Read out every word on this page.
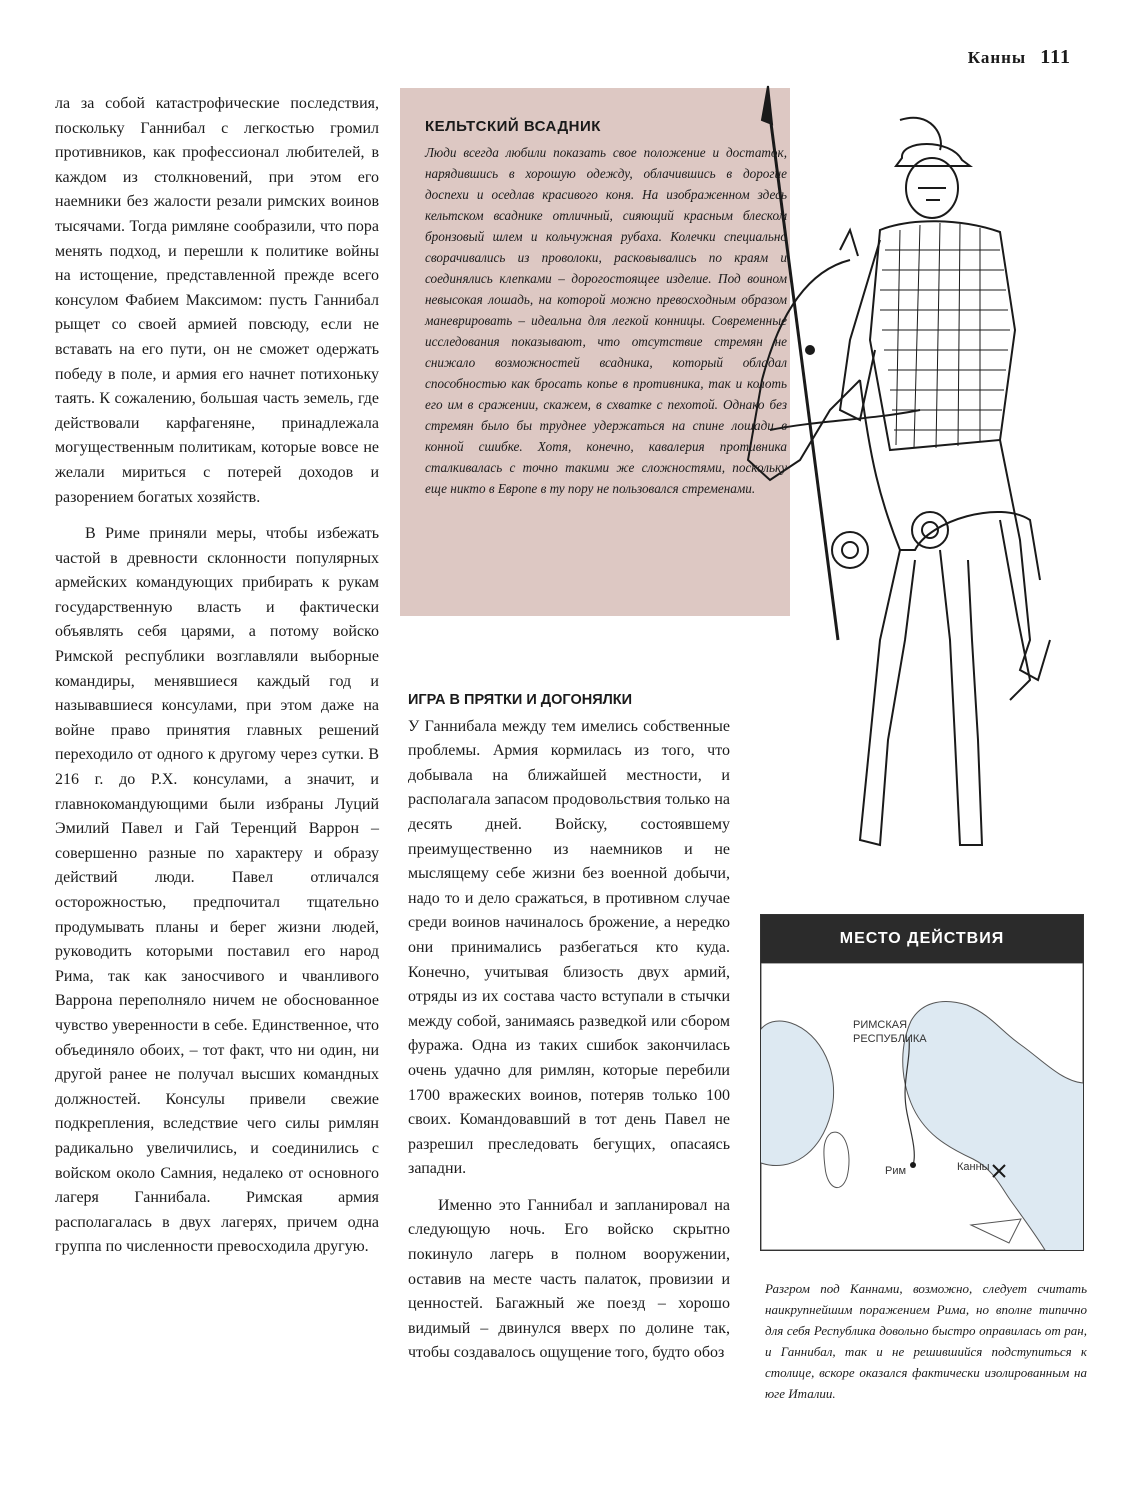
Канны 111

ла за собой катастрофические последствия, поскольку Ганнибал с легкостью громил противников, как профессионал любителей, в каждом из столкновений, при этом его наемники без жалости резали римских воинов тысячами. Тогда римляне сообразили, что пора менять подход, и перешли к политике войны на истощение, представленной прежде всего консулом Фабием Максимом: пусть Ганнибал рыщет со своей армией повсюду, если не вставать на его пути, он не сможет одержать победу в поле, и армия его начнет потихоньку таять. К сожалению, большая часть земель, где действовали карфагеняне, принадлежала могущественным политикам, которые вовсе не желали мириться с потерей доходов и разорением богатых хозяйств.

В Риме приняли меры, чтобы избежать частой в древности склонности популярных армейских командующих прибирать к рукам государственную власть и фактически объявлять себя царями, а потому войско Римской республики возглавляли выборные командиры, менявшиеся каждый год и называвшиеся консулами, при этом даже на войне право принятия главных решений переходило от одного к другому через сутки. В 216 г. до Р.Х. консулами, а значит, и главнокомандующими были избраны Луций Эмилий Павел и Гай Теренций Варрон – совершенно разные по характеру и образу действий люди. Павел отличался осторожностью, предпочитал тщательно продумывать планы и берег жизни людей, руководить которыми поставил его народ Рима, так как заносчивого и чванливого Варрона переполняло ничем не обоснованное чувство уверенности в себе. Единственное, что объединяло обоих, – тот факт, что ни один, ни другой ранее не получал высших командных должностей. Консулы привели свежие подкрепления, вследствие чего силы римлян радикально увеличились, и соединились с войском около Самния, недалеко от основного лагеря Ганнибала. Римская армия располагалась в двух лагерях, причем одна группа по численности превосходила другую.

КЕЛЬТСКИЙ ВСАДНИК
Люди всегда любили показать свое положение и достаток, нарядившись в хорошую одежду, облачившись в дорогие доспехи и оседлав красивого коня. На изображенном здесь кельтском всаднике отличный, сияющий красным блеском бронзовый шлем и кольчужная рубаха. Колечки специально сворачивались из проволоки, расковывались по краям и соединялись клепками – дорогостоящее изделие. Под воином невысокая лошадь, на которой можно превосходным образом маневрировать – идеальна для легкой конницы. Современные исследования показывают, что отсутствие стремян не снижало возможностей всадника, который обладал способностью как бросать копье в противника, так и колоть его им в сражении, скажем, в схватке с пехотой. Однако без стремян было бы труднее удержаться на спине лошади в конной сшибке. Хотя, конечно, кавалерия противника сталкивалась с точно такими же сложностями, поскольку еще никто в Европе в ту пору не пользовался стременами.
ИГРА В ПРЯТКИ И ДОГОНЯЛКИ

У Ганнибала между тем имелись собственные проблемы. Армия кормилась из того, что добывала на ближайшей местности, и располагала запасом продовольствия только на десять дней. Войску, состоявшему преимущественно из наемников и не мыслящему себе жизни без военной добычи, надо то и дело сражаться, в противном случае среди воинов начиналось брожение, а нередко они принимались разбегаться кто куда. Конечно, учитывая близость двух армий, отряды из их состава часто вступали в стычки между собой, занимаясь разведкой или сбором фуража. Одна из таких сшибок закончилась очень удачно для римлян, которые перебили 1700 вражеских воинов, потеряв только 100 своих. Командовавший в тот день Павел не разрешил преследовать бегущих, опасаясь западни.

Именно это Ганнибал и запланировал на следующую ночь. Его войско скрытно покинуло лагерь в полном вооружении, оставив на месте часть палаток, провизии и ценностей. Багажный же поезд – хорошо видимый – двинулся вверх по долине так, чтобы создавалось ощущение того, будто обоз

МЕСТО ДЕЙСТВИЯ
РИМСКАЯ
РЕСПУБЛИКА
Рим	Канны
Разгром под Каннами, возможно, следует считать наикрупнейшим поражением Рима, но вполне типично для себя Республика довольно быстро оправилась от ран, и Ганнибал, так и не решившийся подступиться к столице, вскоре оказался фактически изолированным на юге Италии.
